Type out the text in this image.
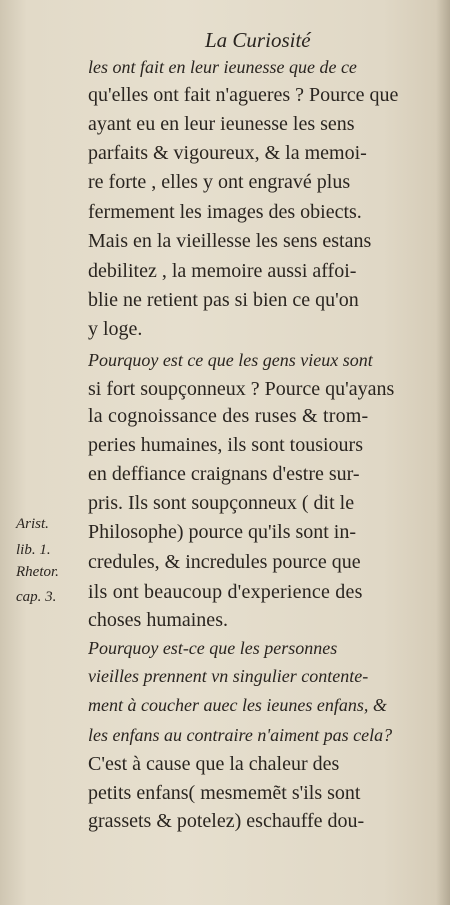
La Curiosité
les ont fait en leur ieunesse que de ce
qu'elles ont fait n'agueres ? Pource que
ayant eu en leur ieunesse les sens
parfaits & vigoureux, & la memoi-
re forte , elles y ont engravé plus
fermement les images des obiects.
Mais en la vieillesse les sens estans
debilitez , la memoire aussi affoi-
blie ne retient pas si bien ce qu'on
y loge.
Pourquoy est ce que les gens vieux sont
si fort soupçonneux ? Pource qu'ayans
la cognoissance des ruses & trom-
peries humaines, ils sont tousiours
en deffiance craignans d'estre sur-
pris. Ils sont soupçonneux ( dit le
Philosophe) pource qu'ils sont in-
credules, & incredules pource que
ils ont beaucoup d'experience des
choses humaines.
Pourquoy est-ce que les personnes
vieilles prennent vn singulier contente-
ment à coucher auec les ieunes enfans, &
les enfans au contraire n'aiment pas cela?
C'est à cause que la chaleur des
petits enfans( mesmemẽt s'ils sont
grassets & potelez) eschauffe dou-
Arist.
lib. 1.
Rhetor.
cap. 3.
